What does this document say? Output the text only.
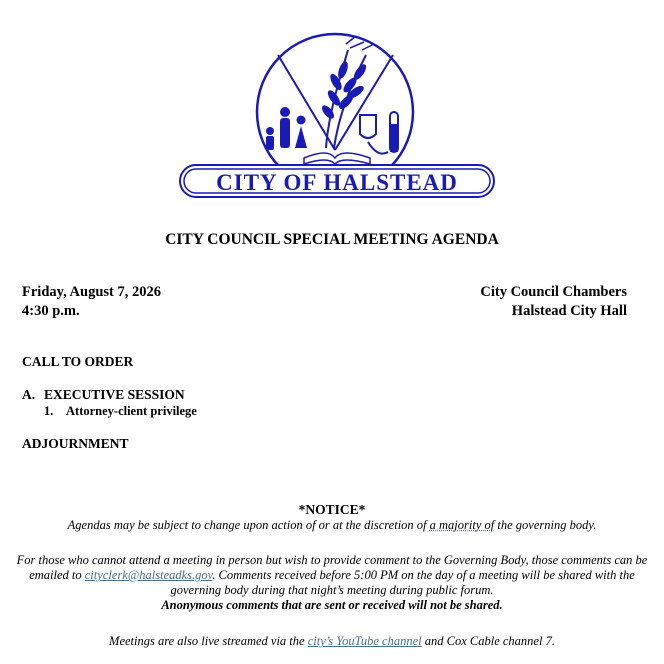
CITY OF HALSTEAD
CITY COUNCIL SPECIAL MEETING AGENDA
Friday, August 7, 2026
4:30 p.m.
City Council Chambers
Halstead City Hall
CALL TO ORDER
A. EXECUTIVE SESSION
1. Attorney-client privilege
ADJOURNMENT
*NOTICE*
Agendas may be subject to change upon action of or at the discretion of a majority of the governing body.
For those who cannot attend a meeting in person but wish to provide comment to the Governing Body, those comments can be emailed to cityclerk@halsteadks.gov. Comments received before 5:00 PM on the day of a meeting will be shared with the governing body during that night’s meeting during public forum.
Anonymous comments that are sent or received will not be shared.
Meetings are also live streamed via the city’s YouTube channel and Cox Cable channel 7.
